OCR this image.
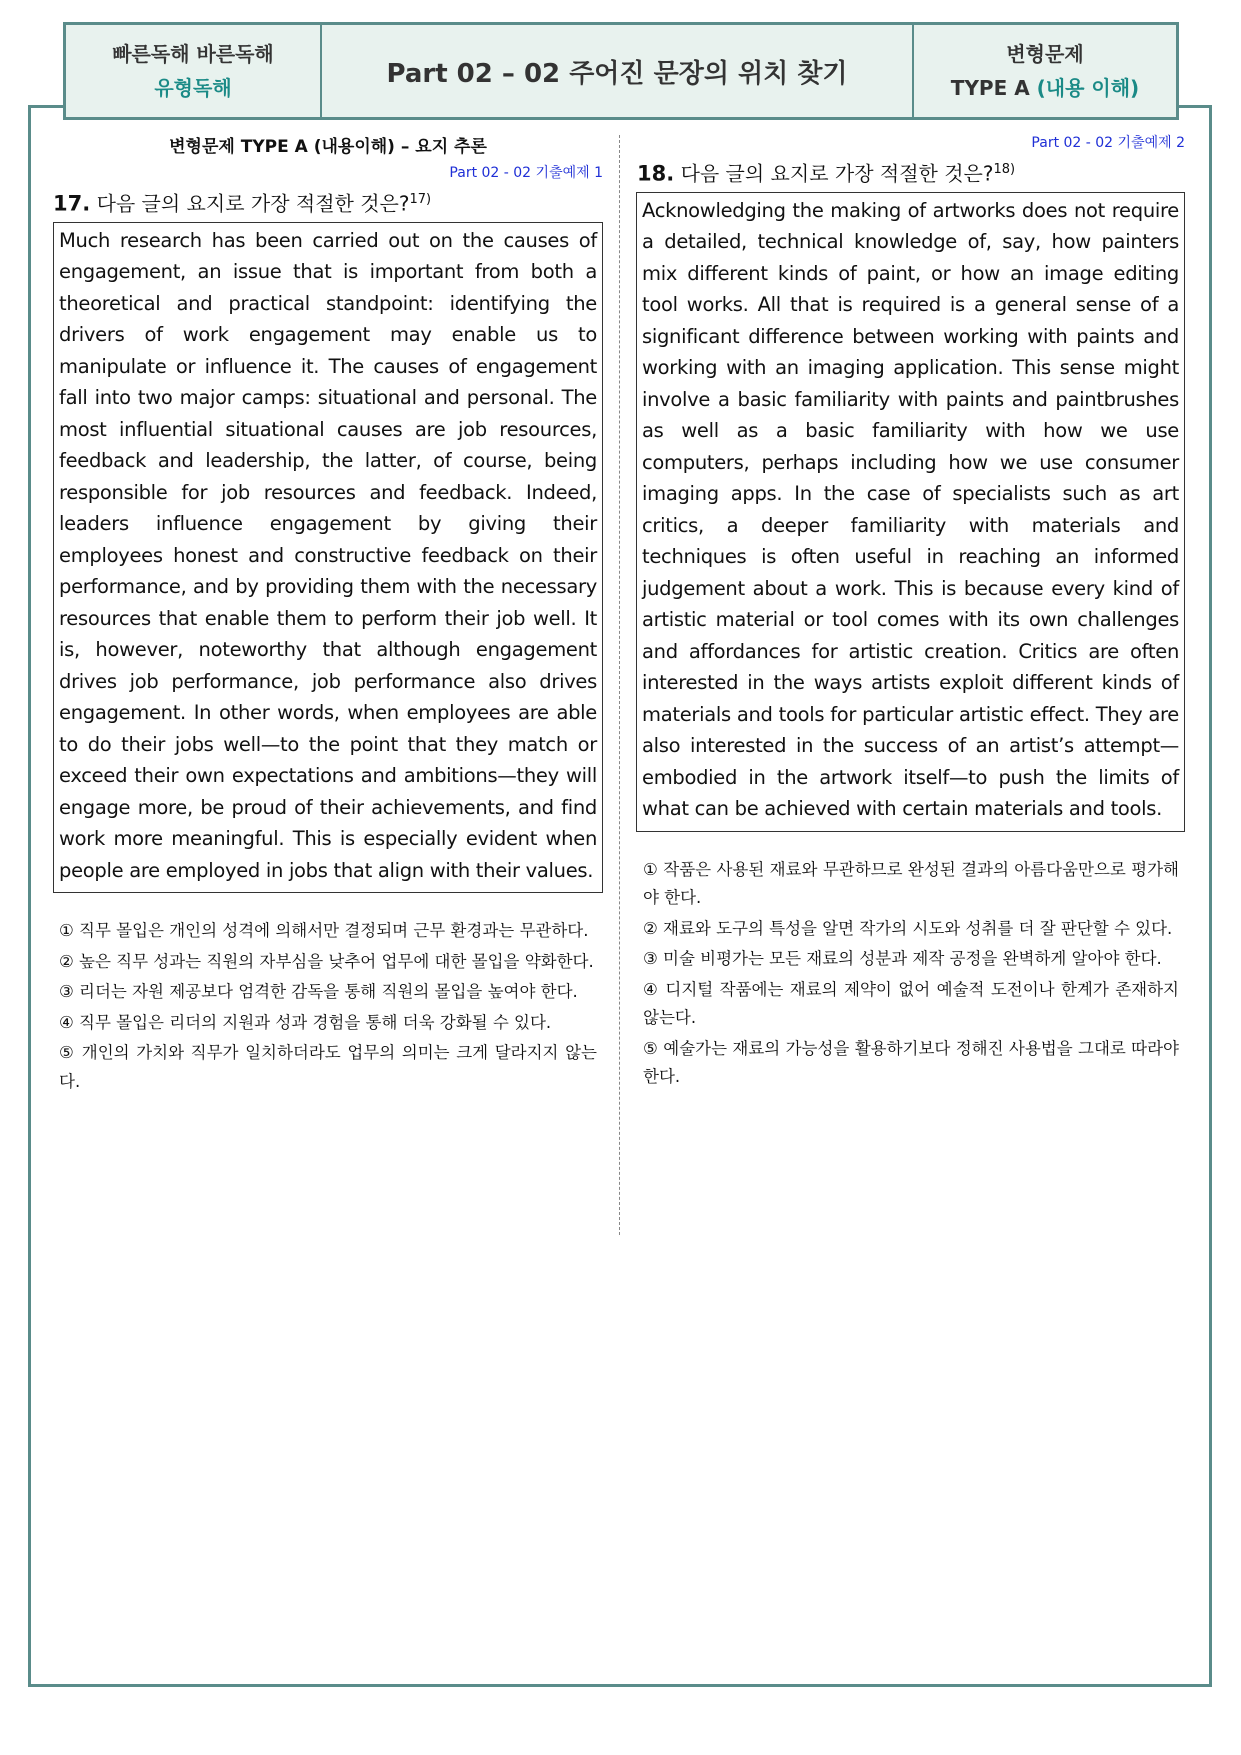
빠른독해 바른독해
유형독해	Part 02 – 02 주어진 문장의 위치 찾기
변형문제
TYPE A (내용 이해)
변형문제 TYPE A (내용이해) – 요지 추론
Part 02 - 02 기출예제 1
17. 다음 글의 요지로 가장 적절한 것은?$^{17)}$
Much research has been carried out on the causes of engagement, an issue that is important from both a theoretical and practical standpoint: identifying the drivers of work engagement may enable us to manipulate or influence it. The causes of engagement fall into two major camps: situational and personal. The most influential situational causes are job resources, feedback and leadership, the latter, of course, being responsible for job resources and feedback. Indeed, leaders influence engagement by giving their employees honest and constructive feedback on their performance, and by providing them with the necessary resources that enable them to perform their job well. It is, however, noteworthy that although engagement drives job performance, job performance also drives engagement. In other words, when employees are able to do their jobs well—to the point that they match or exceed their own expectations and ambitions—they will engage more, be proud of their achievements, and find work more meaningful. This is especially evident when people are employed in jobs that align with their values.
① 직무 몰입은 개인의 성격에 의해서만 결정되며 근무 환경과는 무관하다.
② 높은 직무 성과는 직원의 자부심을 낮추어 업무에 대한 몰입을 약화한다.
③ 리더는 자원 제공보다 엄격한 감독을 통해 직원의 몰입을 높여야 한다.
④ 직무 몰입은 리더의 지원과 성과 경험을 통해 더욱 강화될 수 있다.
⑤ 개인의 가치와 직무가 일치하더라도 업무의 의미는 크게 달라지지 않는다.
Part 02 - 02 기출예제 2
18. 다음 글의 요지로 가장 적절한 것은?$^{18)}$
Acknowledging the making of artworks does not require a detailed, technical knowledge of, say, how painters mix different kinds of paint, or how an image editing tool works. All that is required is a general sense of a significant difference between working with paints and working with an imaging application. This sense might involve a basic familiarity with paints and paintbrushes as well as a basic familiarity with how we use computers, perhaps including how we use consumer imaging apps. In the case of specialists such as art critics, a deeper familiarity with materials and techniques is often useful in reaching an informed judgement about a work. This is because every kind of artistic material or tool comes with its own challenges and affordances for artistic creation. Critics are often interested in the ways artists exploit different kinds of materials and tools for particular artistic effect. They are also interested in the success of an artist’s attempt—embodied in the artwork itself—to push the limits of what can be achieved with certain materials and tools.
① 작품은 사용된 재료와 무관하므로 완성된 결과의 아름다움만으로 평가해야 한다.
② 재료와 도구의 특성을 알면 작가의 시도와 성취를 더 잘 판단할 수 있다.
③ 미술 비평가는 모든 재료의 성분과 제작 공정을 완벽하게 알아야 한다.
④ 디지털 작품에는 재료의 제약이 없어 예술적 도전이나 한계가 존재하지 않는다.
⑤ 예술가는 재료의 가능성을 활용하기보다 정해진 사용법을 그대로 따라야 한다.
